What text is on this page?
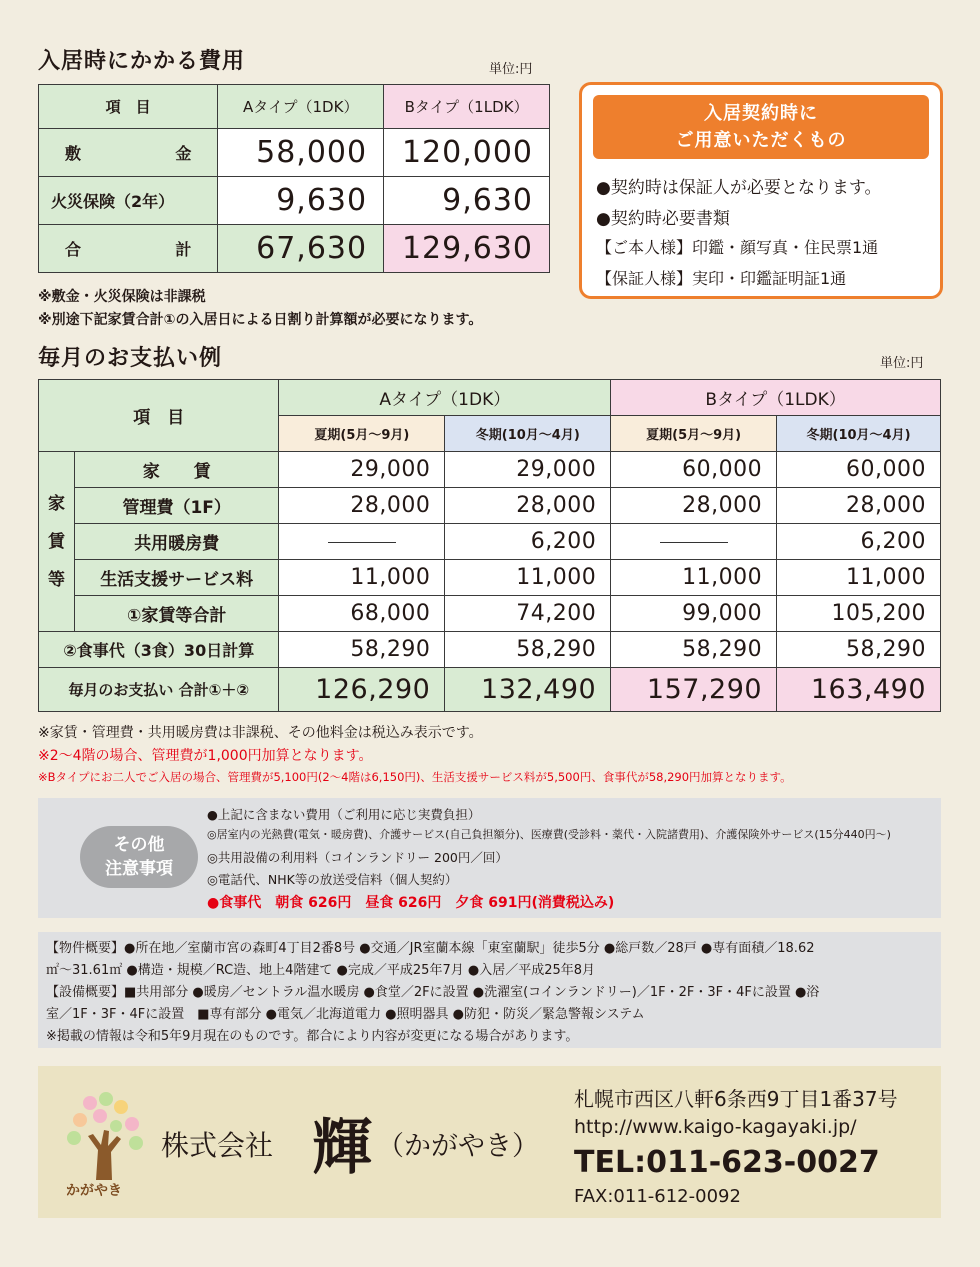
入居時にかかる費用	単位:円
項　目	Aタイプ（1DK）	Bタイプ（1LDK）

敷 金	58,000	120,000
火災保険（2年）	9,630	9,630

合 計	67,630	129,630
※敷金・火災保険は非課税
※別途下記家賃合計①の入居日による日割り計算額が必要になります。
入居契約時に
ご用意いただくもの
●契約時は保証人が必要となります。
●契約時必要書類
【ご本人様】印鑑・顔写真・住民票1通
【保証人様】実印・印鑑証明証1通
毎月のお支払い例	単位:円
項　目		Aタイプ（1DK）		Bタイプ（1LDK）	
		夏期(5月～9月)	冬期(10月～4月)	夏期(5月～9月)	冬期(10月～4月)

家
賃
等	家　　賃	29,000	29,000	60,000	60,000
	管理費（1F）	28,000	28,000	28,000	28,000
	共用暖房費		6,200		6,200
	生活支援サービス料	11,000	11,000	11,000	11,000
	①家賃等合計	68,000	74,200	99,000	105,200
②食事代（3食）30日計算		58,290	58,290	58,290	58,290
毎月のお支払い 合計①＋②		126,290	132,490	157,290	163,490
※家賃・管理費・共用暖房費は非課税、その他料金は税込み表示です。
※2～4階の場合、管理費が1,000円加算となります。
※Bタイプにお二人でご入居の場合、管理費が5,100円(2～4階は6,150円)、生活支援サービス料が5,500円、食事代が58,290円加算となります。
その他
注意事項
●上記に含まない費用（ご利用に応じ実費負担）
◎居室内の光熱費(電気・暖房費)、介護サービス(自己負担額分)、医療費(受診料・薬代・入院諸費用)、介護保険外サービス(15分440円～)
◎共用設備の利用料（コインランドリー 200円／回）
◎電話代、NHK等の放送受信料（個人契約）
●食事代　朝食 626円　昼食 626円　夕食 691円(消費税込み)
【物件概要】●所在地／室蘭市宮の森町4丁目2番8号 ●交通／JR室蘭本線「東室蘭駅」徒歩5分 ●総戸数／28戸 ●専有面積／18.62
㎡～31.61㎡ ●構造・規模／RC造、地上4階建て ●完成／平成25年7月 ●入居／平成25年8月
【設備概要】■共用部分 ●暖房／セントラル温水暖房 ●食堂／2Fに設置 ●洗濯室(コインランドリー)／1F・2F・3F・4Fに設置 ●浴
室／1F・3F・4Fに設置　■専有部分 ●電気／北海道電力 ●照明器具 ●防犯・防災／緊急警報システム
※掲載の情報は令和5年9月現在のものです。都合により内容が変更になる場合があります。
かがやき
株式会社 輝 （かがやき）
札幌市西区八軒6条西9丁目1番37号
http://www.kaigo-kagayaki.jp/
TEL:011-623-0027
FAX:011-612-0092
